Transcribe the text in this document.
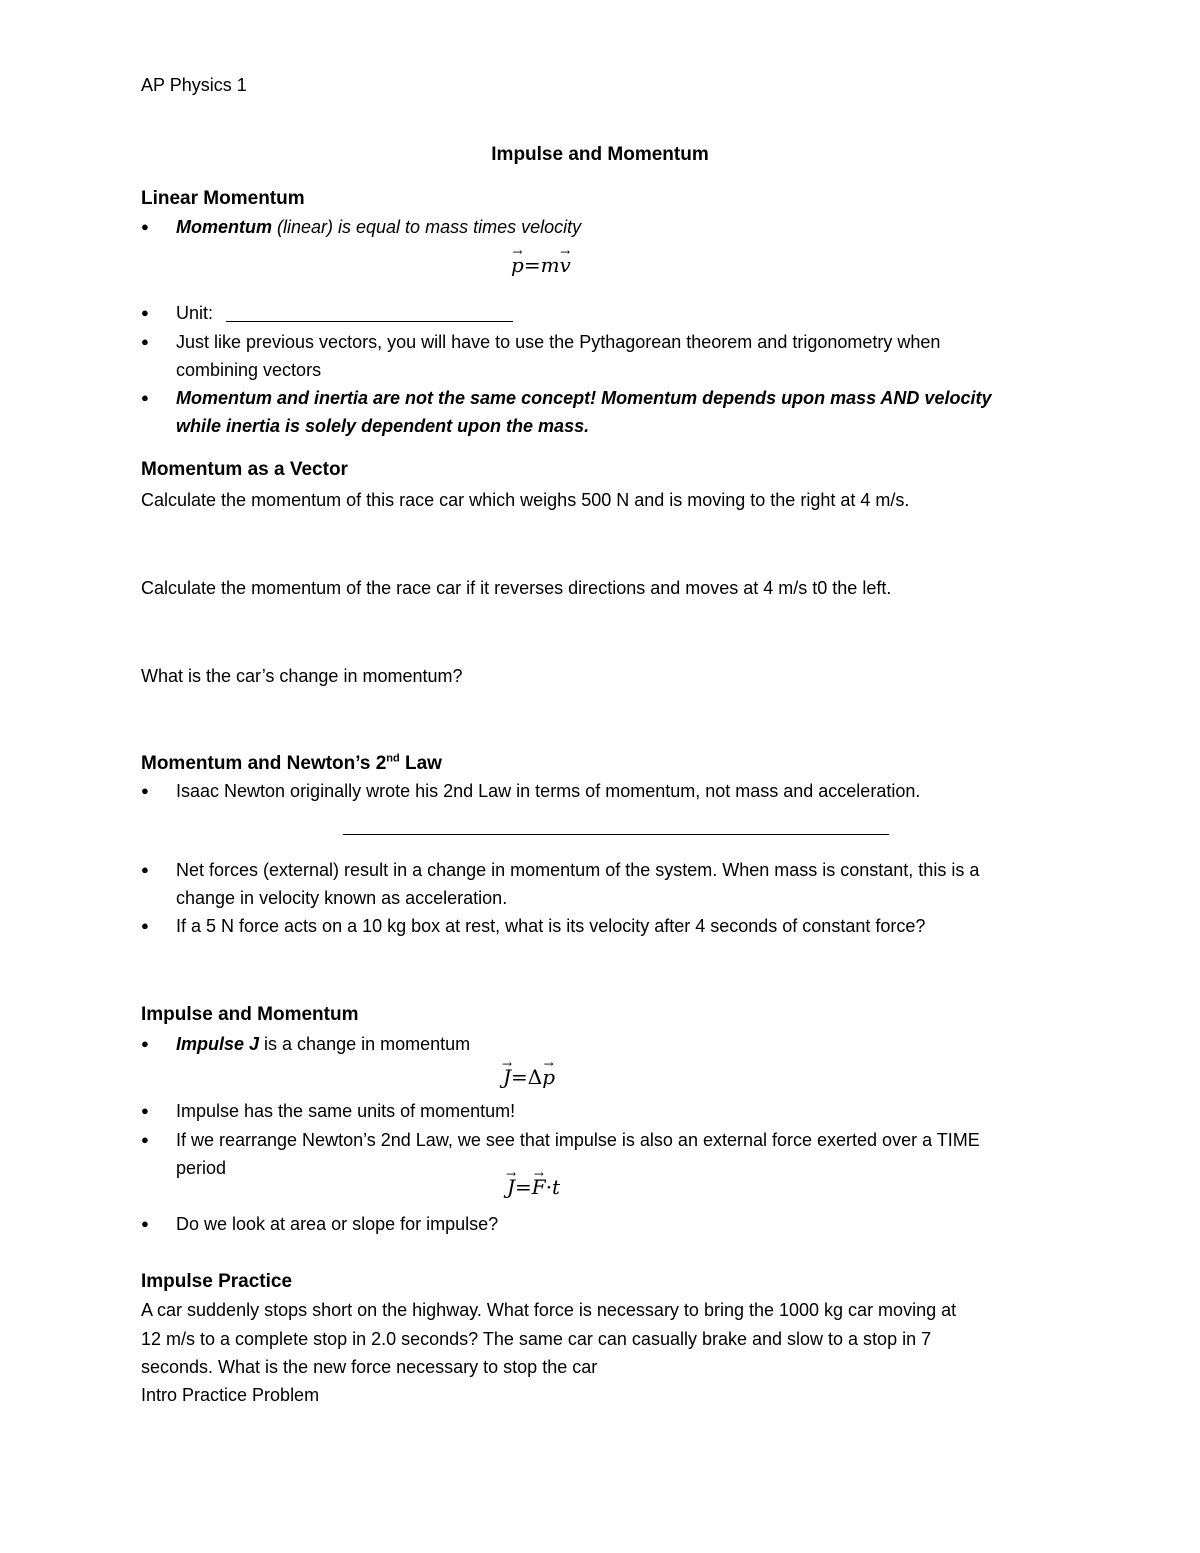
AP Physics 1
Impulse and Momentum
Linear Momentum
● Momentum (linear) is equal to mass times velocity
→ p=m→ v
● Unit:
● Just like previous vectors, you will have to use the Pythagorean theorem and trigonometry when
combining vectors
● Momentum and inertia are not the same concept! Momentum depends upon mass AND velocity
while inertia is solely dependent upon the mass.
Momentum as a Vector
Calculate the momentum of this race car which weighs 500 N and is moving to the right at 4 m/s.
Calculate the momentum of the race car if it reverses directions and moves at 4 m/s t0 the left.
What is the car’s change in momentum?
Momentum and Newton’s 2nd Law
● Isaac Newton originally wrote his 2nd Law in terms of momentum, not mass and acceleration.
● Net forces (external) result in a change in momentum of the system. When mass is constant, this is a
change in velocity known as acceleration.
● If a 5 N force acts on a 10 kg box at rest, what is its velocity after 4 seconds of constant force?
Impulse and Momentum
● Impulse J is a change in momentum
→ J=Δ→ p
● Impulse has the same units of momentum!
● If we rearrange Newton’s 2nd Law, we see that impulse is also an external force exerted over a TIME
period
→ J=→ F·t
● Do we look at area or slope for impulse?
Impulse Practice
A car suddenly stops short on the highway. What force is necessary to bring the 1000 kg car moving at
12 m/s to a complete stop in 2.0 seconds? The same car can casually brake and slow to a stop in 7
seconds. What is the new force necessary to stop the car
Intro Practice Problem
